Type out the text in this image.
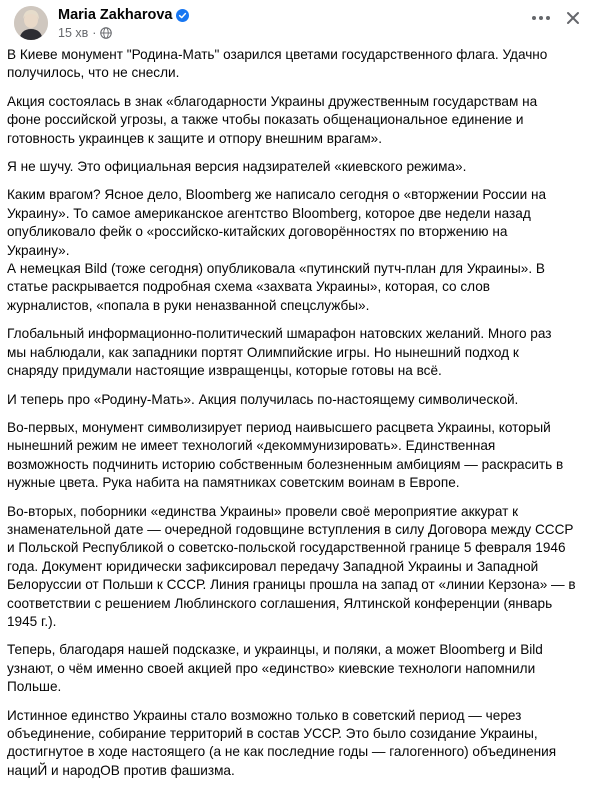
Maria Zakharova
15 хв ·

В Киеве монумент "Родина-Мать" озарился цветами государственного флага. Удачно
получилось, что не снесли.

Акция состоялась в знак «благодарности Украины дружественным государствам на
фоне российской угрозы, а также чтобы показать общенациональное единение и
готовность украинцев к защите и отпору внешним врагам».

Я не шучу. Это официальная версия надзирателей «киевского режима».

Каким врагом? Ясное дело, Bloomberg же написало сегодня о «вторжении России на
Украину». То самое американское агентство Bloomberg, которое две недели назад
опубликовало фейк о «российско-китайских договорённостях по вторжению на
Украину».
А немецкая Bild (тоже сегодня) опубликовала «путинский путч-план для Украины». В
статье раскрывается подробная схема «захвата Украины», которая, со слов
журналистов, «попала в руки неназванной спецслужбы».

Глобальный информационно-политический шмарафон натовских желаний. Много раз
мы наблюдали, как западники портят Олимпийские игры. Но нынешний подход к
снаряду придумали настоящие извращенцы, которые готовы на всё.

И теперь про «Родину-Мать». Акция получилась по-настоящему символической.

Во-первых, монумент символизирует период наивысшего расцвета Украины, который
нынешний режим не имеет технологий «декоммунизировать». Единственная
возможность подчинить историю собственным болезненным амбициям — раскрасить в
нужные цвета. Рука набита на памятниках советским воинам в Европе.

Во-вторых, поборники «единства Украины» провели своё мероприятие аккурат к
знаменательной дате — очередной годовщине вступления в силу Договора между СССР
и Польской Республикой о советско-польской государственной границе 5 февраля 1946
года. Документ юридически зафиксировал передачу Западной Украины и Западной
Белоруссии от Польши к СССР. Линия границы прошла на запад от «линии Керзона» — в
соответствии с решением Люблинского соглашения, Ялтинской конференции (январь
1945 г.).

Теперь, благодаря нашей подсказке, и украинцы, и поляки, а может Bloomberg и Bild
узнают, о чём именно своей акцией про «единство» киевские технологи напомнили
Польше.

Истинное единство Украины стало возможно только в советский период — через
объединение, собирание территорий в состав УССР. Это было созидание Украины,
достигнутое в ходе настоящего (а не как последние годы — галогенного) объединения
нациЙ и народОВ против фашизма.
